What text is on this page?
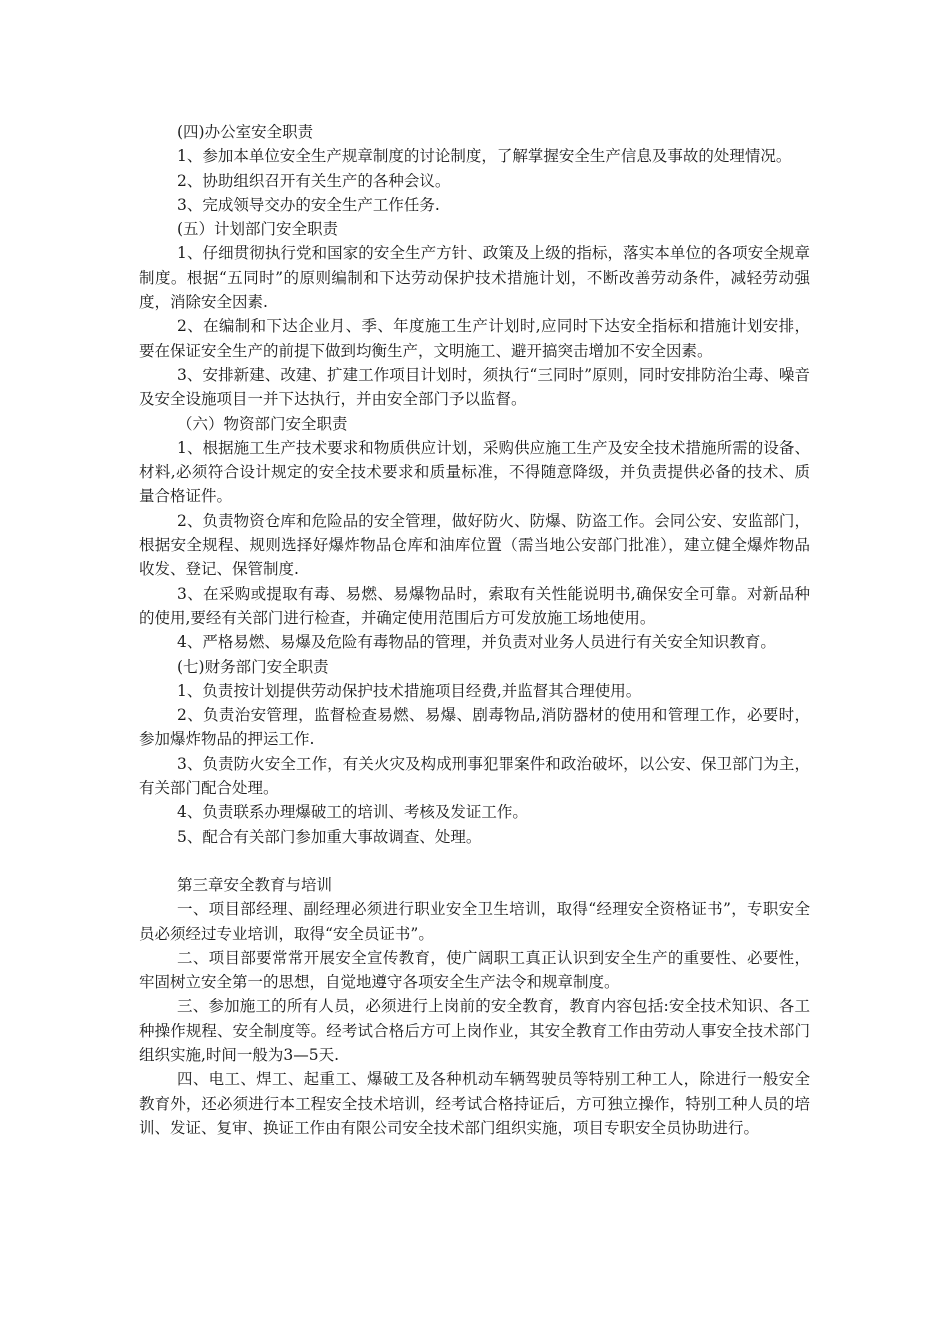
(四)办公室安全职责

1、参加本单位安全生产规章制度的讨论制度，了解掌握安全生产信息及事故的处理情况。

2、协助组织召开有关生产的各种会议。

3、完成领导交办的安全生产工作任务.

(五）计划部门安全职责

1、仔细贯彻执行党和国家的安全生产方针、政策及上级的指标，落实本单位的各项安全规章制度。根据“五同时”的原则编制和下达劳动保护技术措施计划，不断改善劳动条件，减轻劳动强度，消除安全因素.

2、在编制和下达企业月、季、年度施工生产计划时,应同时下达安全指标和措施计划安排，要在保证安全生产的前提下做到均衡生产，文明施工、避开搞突击增加不安全因素。

3、安排新建、改建、扩建工作项目计划时，须执行“三同时”原则，同时安排防治尘毒、噪音及安全设施项目一并下达执行，并由安全部门予以监督。

（六）物资部门安全职责

1、根据施工生产技术要求和物质供应计划，采购供应施工生产及安全技术措施所需的设备、材料,必须符合设计规定的安全技术要求和质量标准，不得随意降级，并负责提供必备的技术、质量合格证件。

2、负责物资仓库和危险品的安全管理，做好防火、防爆、防盗工作。会同公安、安监部门，根据安全规程、规则选择好爆炸物品仓库和油库位置（需当地公安部门批准），建立健全爆炸物品收发、登记、保管制度.

3、在采购或提取有毒、易燃、易爆物品时，索取有关性能说明书,确保安全可靠。对新品种的使用,要经有关部门进行检查，并确定使用范围后方可发放施工场地使用。

4、严格易燃、易爆及危险有毒物品的管理，并负责对业务人员进行有关安全知识教育。

(七)财务部门安全职责

1、负责按计划提供劳动保护技术措施项目经费,并监督其合理使用。

2、负责治安管理，监督检查易燃、易爆、剧毒物品,消防器材的使用和管理工作，必要时，参加爆炸物品的押运工作.

3、负责防火安全工作，有关火灾及构成刑事犯罪案件和政治破坏，以公安、保卫部门为主，有关部门配合处理。

4、负责联系办理爆破工的培训、考核及发证工作。

5、配合有关部门参加重大事故调查、处理。

第三章安全教育与培训

一、项目部经理、副经理必须进行职业安全卫生培训，取得“经理安全资格证书”，专职安全员必须经过专业培训，取得“安全员证书”。

二、项目部要常常开展安全宣传教育，使广阔职工真正认识到安全生产的重要性、必要性，牢固树立安全第一的思想，自觉地遵守各项安全生产法令和规章制度。

三、参加施工的所有人员，必须进行上岗前的安全教育，教育内容包括:安全技术知识、各工种操作规程、安全制度等。经考试合格后方可上岗作业，其安全教育工作由劳动人事安全技术部门组织实施,时间一般为3—5天.

四、电工、焊工、起重工、爆破工及各种机动车辆驾驶员等特别工种工人，除进行一般安全教育外，还必须进行本工程安全技术培训，经考试合格持证后，方可独立操作，特别工种人员的培训、发证、复审、换证工作由有限公司安全技术部门组织实施，项目专职安全员协助进行。
